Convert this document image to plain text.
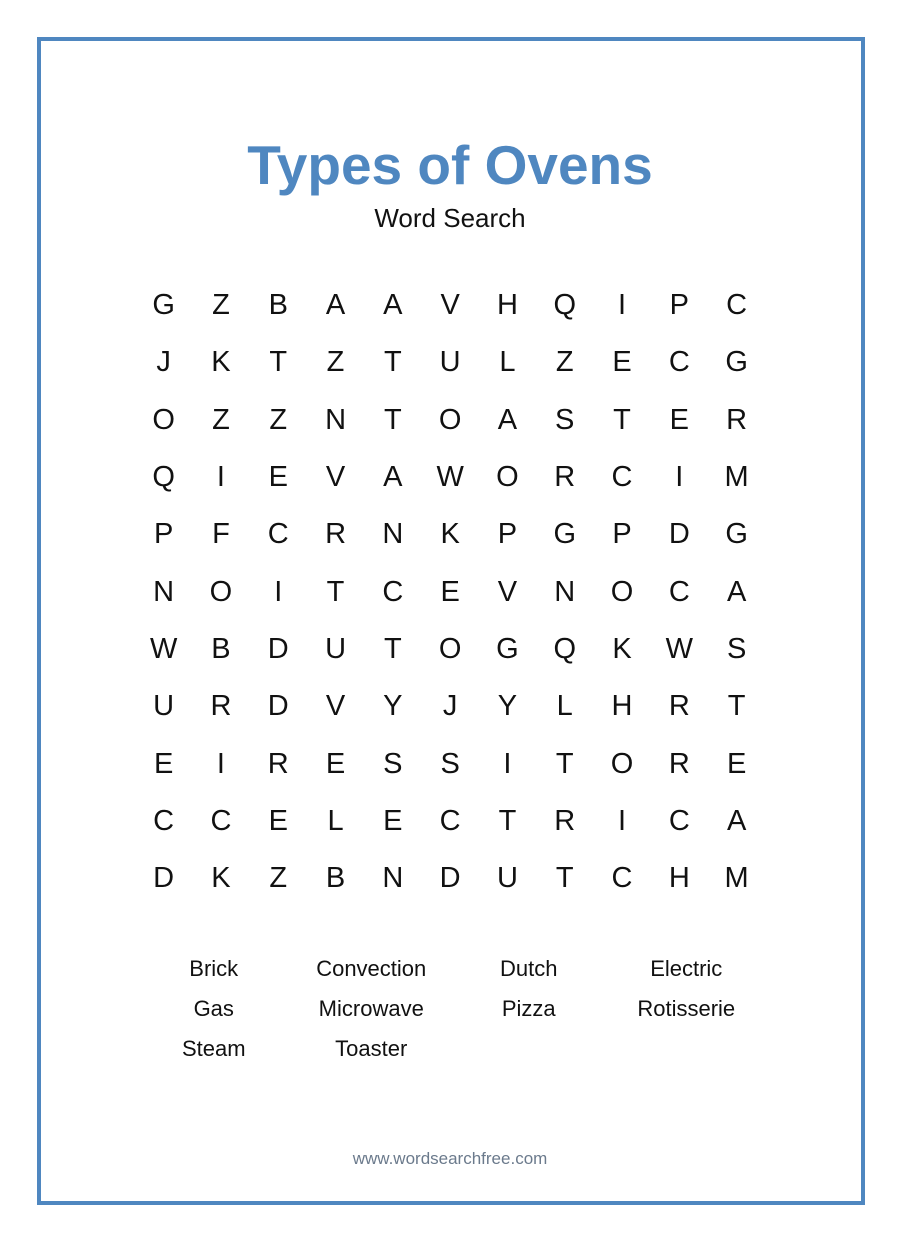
Types of Ovens
Word Search
G	Z	B	A	A	V	H	Q	I	P	C
J	K	T	Z	T	U	L	Z	E	C	G
O	Z	Z	N	T	O	A	S	T	E	R
Q	I	E	V	A	W	O	R	C	I	M
P	F	C	R	N	K	P	G	P	D	G
N	O	I	T	C	E	V	N	O	C	A
W	B	D	U	T	O	G	Q	K	W	S
U	R	D	V	Y	J	Y	L	H	R	T
E	I	R	E	S	S	I	T	O	R	E
C	C	E	L	E	C	T	R	I	C	A
D	K	Z	B	N	D	U	T	C	H	M
Brick	Convection	Dutch	Electric
Gas	Microwave	Pizza	Rotisserie
Steam	Toaster
www.wordsearchfree.com
